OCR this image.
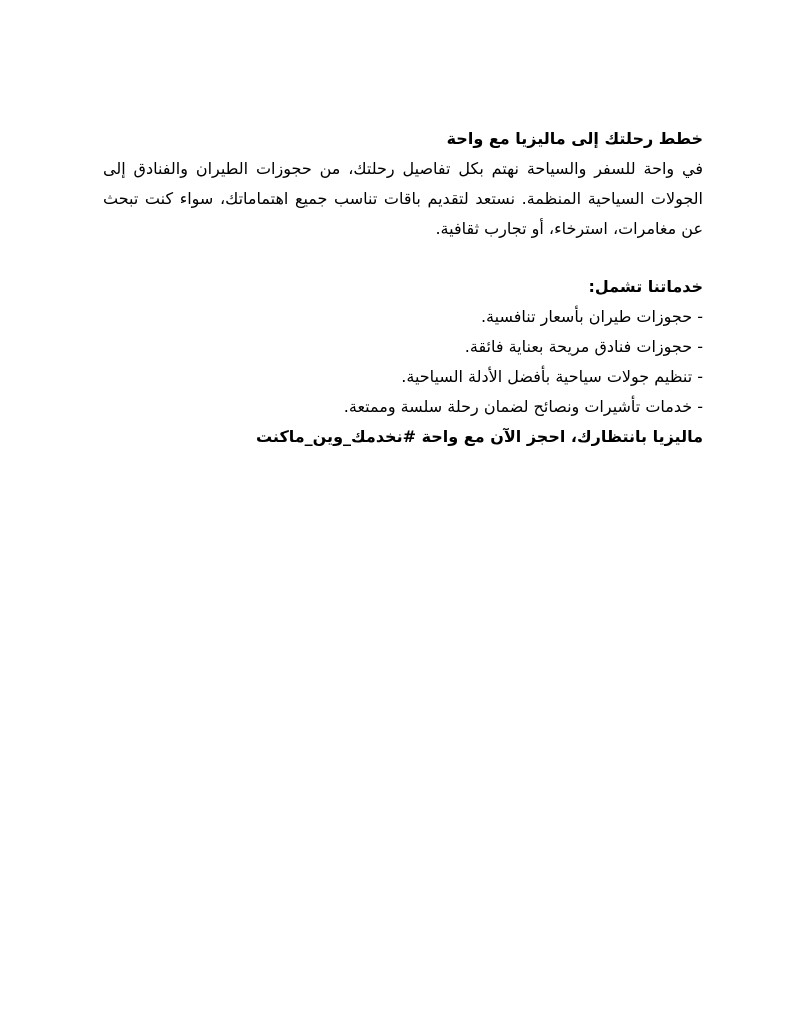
خطط رحلتك إلى ماليزيا مع واحة

في واحة للسفر والسياحة نهتم بكل تفاصيل رحلتك، من حجوزات الطيران والفنادق إلى الجولات السياحية المنظمة. نستعد لتقديم باقات تناسب جميع اهتماماتك، سواء كنت تبحث عن مغامرات، استرخاء، أو تجارب ثقافية.

خدماتنا تشمل:

- حجوزات طيران بأسعار تنافسية.
- حجوزات فنادق مريحة بعناية فائقة.
- تنظيم جولات سياحية بأفضل الأدلة السياحية.
- خدمات تأشيرات ونصائح لضمان رحلة سلسة وممتعة.

ماليزيا بانتظارك، احجز الآن مع واحة #نخدمك_وين_ماكنت
